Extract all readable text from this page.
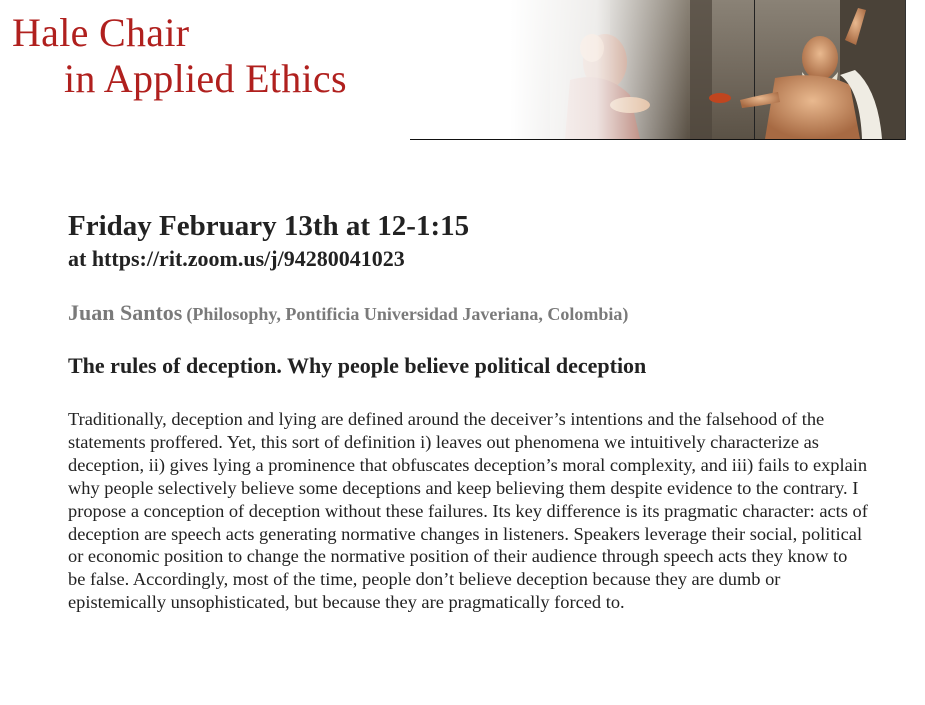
Hale Chair
in Applied Ethics

Friday February 13th at 12-1:15

at https://rit.zoom.us/j/94280041023

Juan Santos (Philosophy, Pontificia Universidad Javeriana, Colombia)
The rules of deception. Why people believe political deception
Traditionally, deception and lying are defined around the deceiver’s intentions and the falsehood of the statements proffered. Yet, this sort of definition i) leaves out phenomena we intuitively characterize as deception, ii) gives lying a prominence that obfuscates deception’s moral complexity, and iii) fails to explain why people selectively believe some deceptions and keep believing them despite evidence to the contrary. I propose a conception of deception without these failures. Its key difference is its pragmatic character: acts of deception are speech acts generating normative changes in listeners. Speakers leverage their social, political or economic position to change the normative position of their audience through speech acts they know to be false. Accordingly, most of the time, people don’t believe deception because they are dumb or epistemically unsophisticated, but because they are pragmatically forced to.
